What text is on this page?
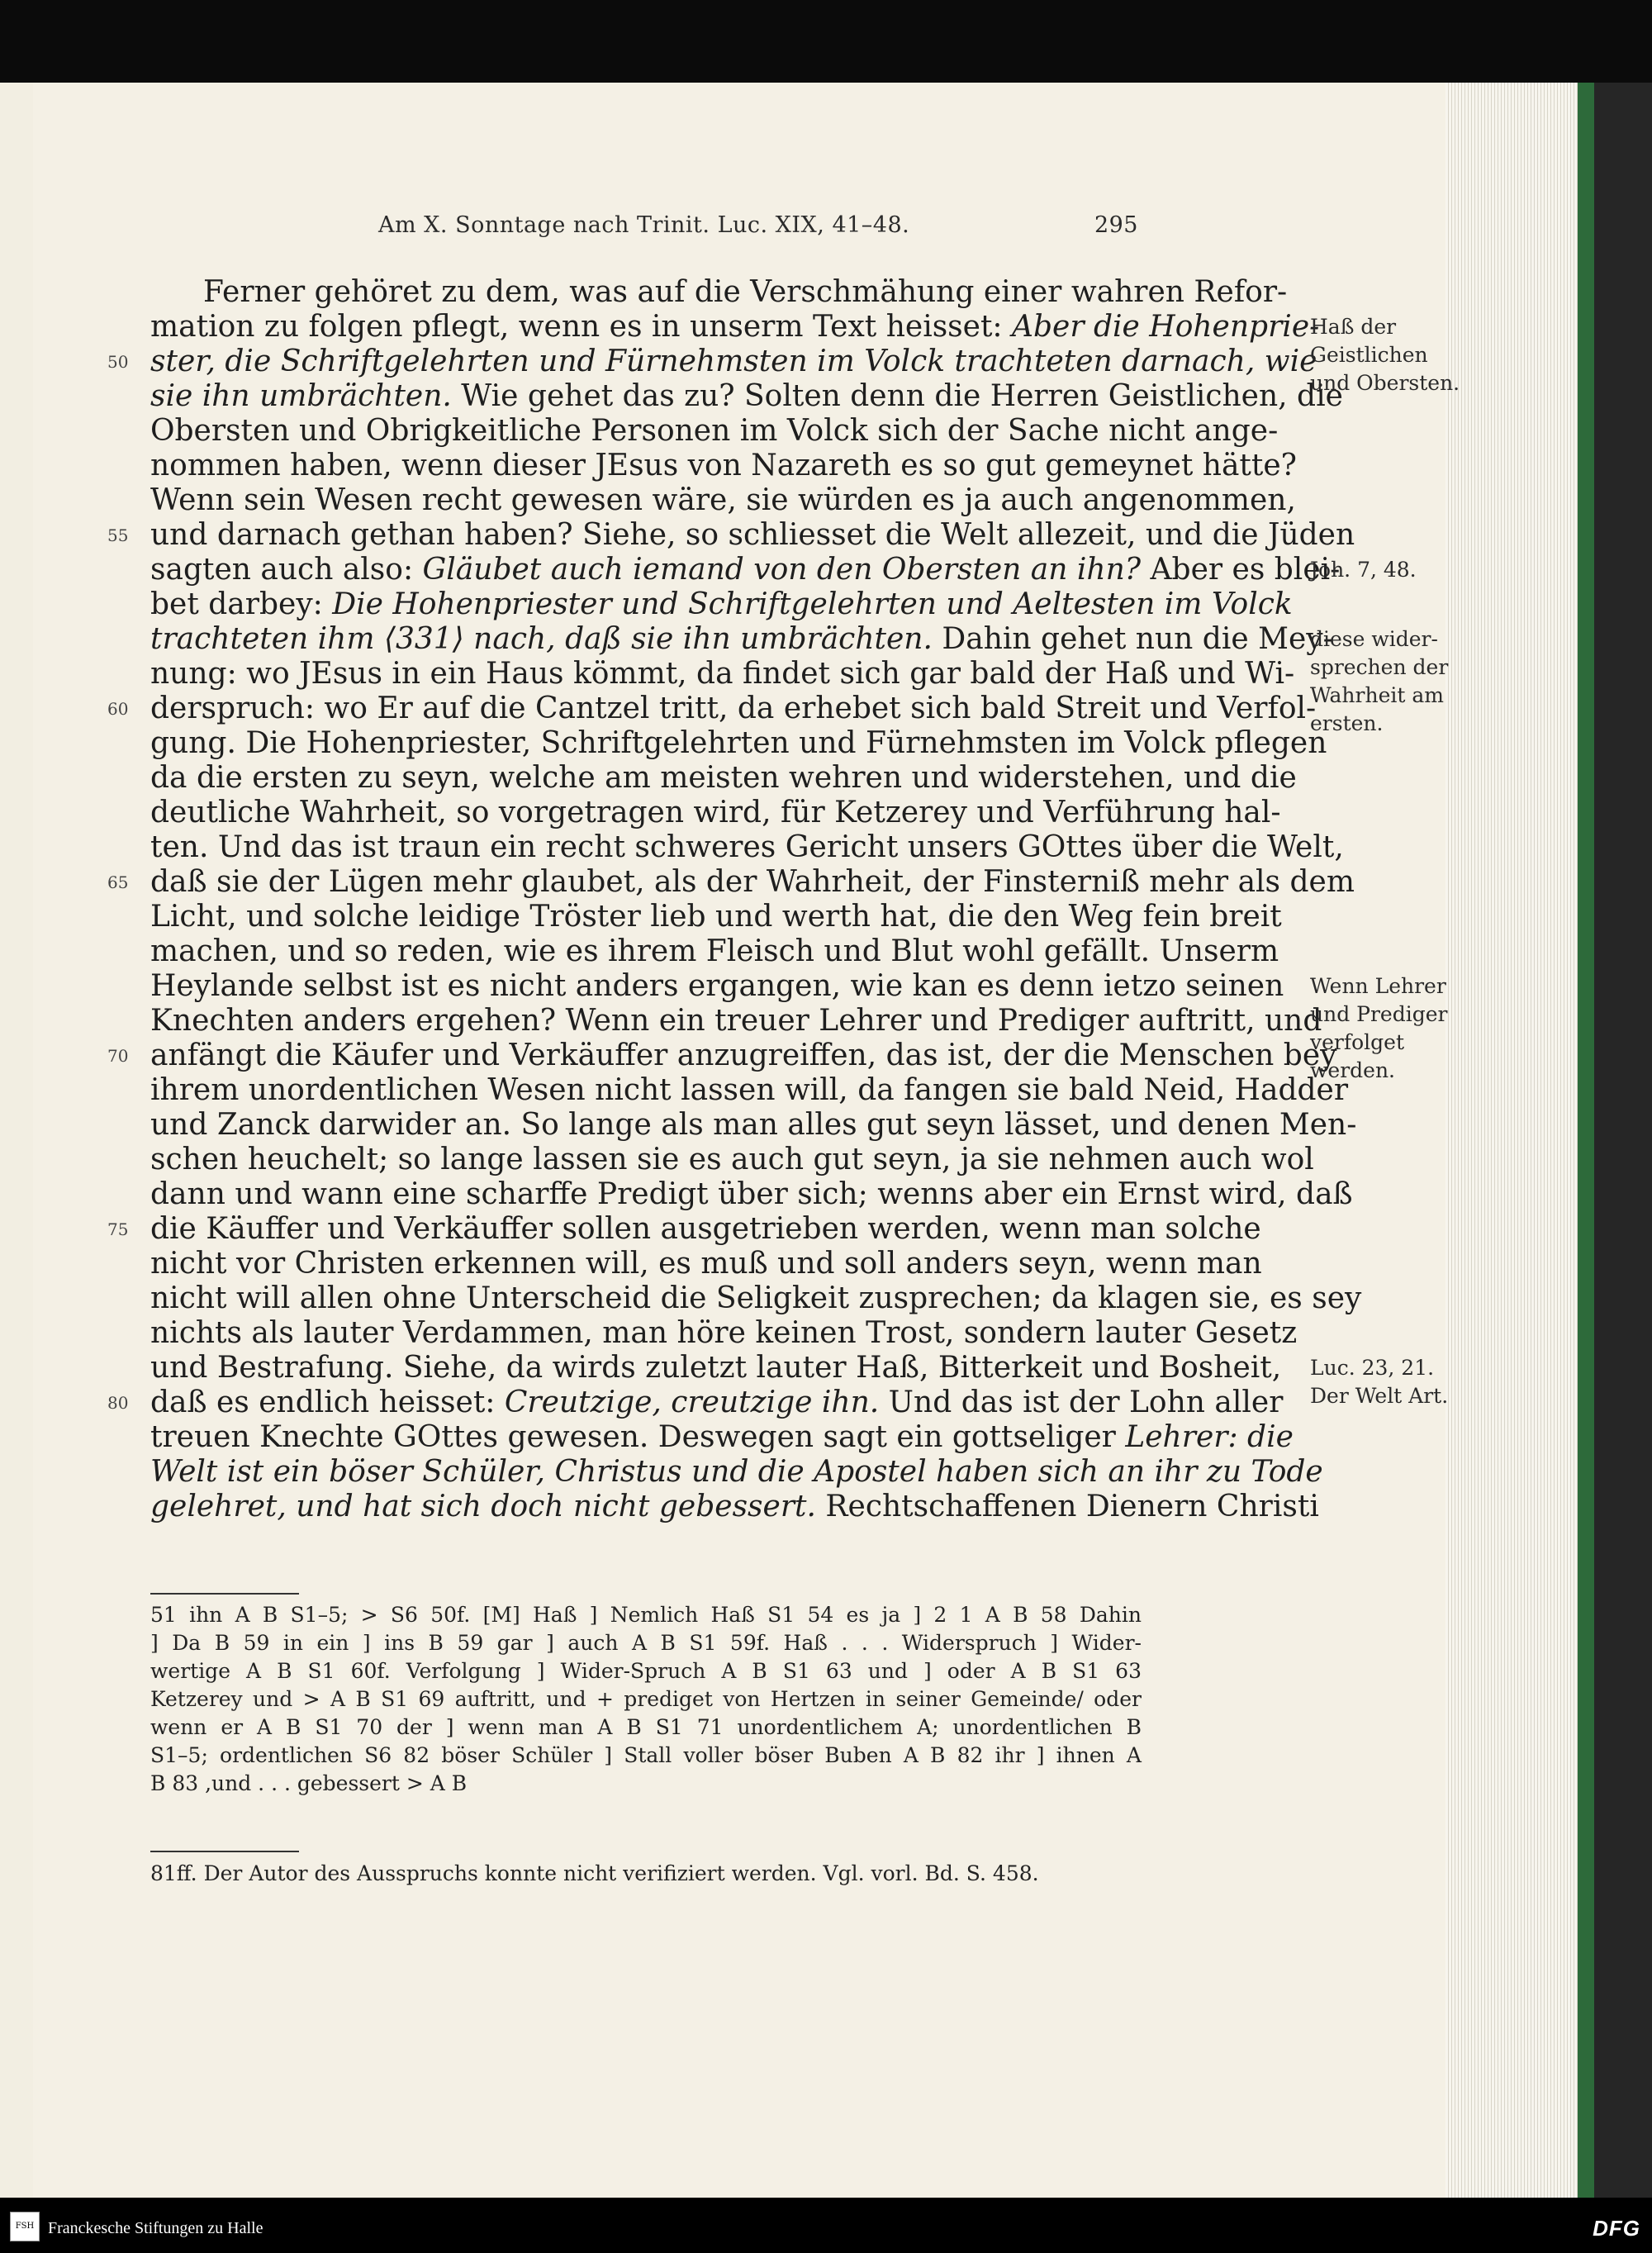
Am X. Sonntage nach Trinit. Luc. XIX, 41–48.	295
Ferner gehöret zu dem, was auf die Verschmähung einer wahren Refor-
mation zu folgen pflegt, wenn es in unserm Text heisset: Aber die Hohenprie-
50 ster, die Schriftgelehrten und Fürnehmsten im Volck trachteten darnach, wie
sie ihn umbrächten. Wie gehet das zu? Solten denn die Herren Geistlichen, die
Obersten und Obrigkeitliche Personen im Volck sich der Sache nicht ange-
nommen haben, wenn dieser JEsus von Nazareth es so gut gemeynet hätte?
Wenn sein Wesen recht gewesen wäre, sie würden es ja auch angenommen,
55 und darnach gethan haben? Siehe, so schliesset die Welt allezeit, und die Jüden
sagten auch also: Gläubet auch iemand von den Obersten an ihn? Aber es blei-
bet darbey: Die Hohenpriester und Schriftgelehrten und Aeltesten im Volck
trachteten ihm ⟨331⟩ nach, daß sie ihn umbrächten. Dahin gehet nun die Mey-
nung: wo JEsus in ein Haus kömmt, da findet sich gar bald der Haß und Wi-
60 derspruch: wo Er auf die Cantzel tritt, da erhebet sich bald Streit und Verfol-
gung. Die Hohenpriester, Schriftgelehrten und Fürnehmsten im Volck pflegen
da die ersten zu seyn, welche am meisten wehren und widerstehen, und die
deutliche Wahrheit, so vorgetragen wird, für Ketzerey und Verführung hal-
ten. Und das ist traun ein recht schweres Gericht unsers GOttes über die Welt,
65 daß sie der Lügen mehr glaubet, als der Wahrheit, der Finsterniß mehr als dem
Licht, und solche leidige Tröster lieb und werth hat, die den Weg fein breit
machen, und so reden, wie es ihrem Fleisch und Blut wohl gefällt. Unserm
Heylande selbst ist es nicht anders ergangen, wie kan es denn ietzo seinen
Knechten anders ergehen? Wenn ein treuer Lehrer und Prediger auftritt, und
70 anfängt die Käufer und Verkäuffer anzugreiffen, das ist, der die Menschen bey
ihrem unordentlichen Wesen nicht lassen will, da fangen sie bald Neid, Hadder
und Zanck darwider an. So lange als man alles gut seyn lässet, und denen Men-
schen heuchelt; so lange lassen sie es auch gut seyn, ja sie nehmen auch wol
dann und wann eine scharffe Predigt über sich; wenns aber ein Ernst wird, daß
75 die Käuffer und Verkäuffer sollen ausgetrieben werden, wenn man solche
nicht vor Christen erkennen will, es muß und soll anders seyn, wenn man
nicht will allen ohne Unterscheid die Seligkeit zusprechen; da klagen sie, es sey
nichts als lauter Verdammen, man höre keinen Trost, sondern lauter Gesetz
und Bestrafung. Siehe, da wirds zuletzt lauter Haß, Bitterkeit und Bosheit,
80 daß es endlich heisset: Creutzige, creutzige ihn. Und das ist der Lohn aller
treuen Knechte GOttes gewesen. Deswegen sagt ein gottseliger Lehrer: die
Welt ist ein böser Schüler, Christus und die Apostel haben sich an ihr zu Tode
gelehret, und hat sich doch nicht gebessert. Rechtschaffenen Dienern Christi
Haß der
Geistlichen
und Obersten.
Joh. 7, 48.
diese wider-
sprechen der
Wahrheit am
ersten.
Wenn Lehrer
und Prediger
verfolget
werden.
Luc. 23, 21.
Der Welt Art.
51 ihn A B S1–5; > S6 50f. [M] Haß ] Nemlich Haß S1 54 es ja ] 2 1 A B 58 Dahin
] Da B 59 in ein ] ins B 59 gar ] auch A B S1 59f. Haß . . . Widerspruch ] Wider-
wertige A B S1 60f. Verfolgung ] Wider-Spruch A B S1 63 und ] oder A B S1 63
Ketzerey und > A B S1 69 auftritt, und + prediget von Hertzen in seiner Gemeinde/ oder
wenn er A B S1 70 der ] wenn man A B S1 71 unordentlichem A; unordentlichen B
S1–5; ordentlichen S6 82 böser Schüler ] Stall voller böser Buben A B 82 ihr ] ihnen A
B 83 ,und . . . gebessert > A B
81ff. Der Autor des Ausspruchs konnte nicht verifiziert werden. Vgl. vorl. Bd. S. 458.
FSH Franckesche Stiftungen zu Halle	DFG
